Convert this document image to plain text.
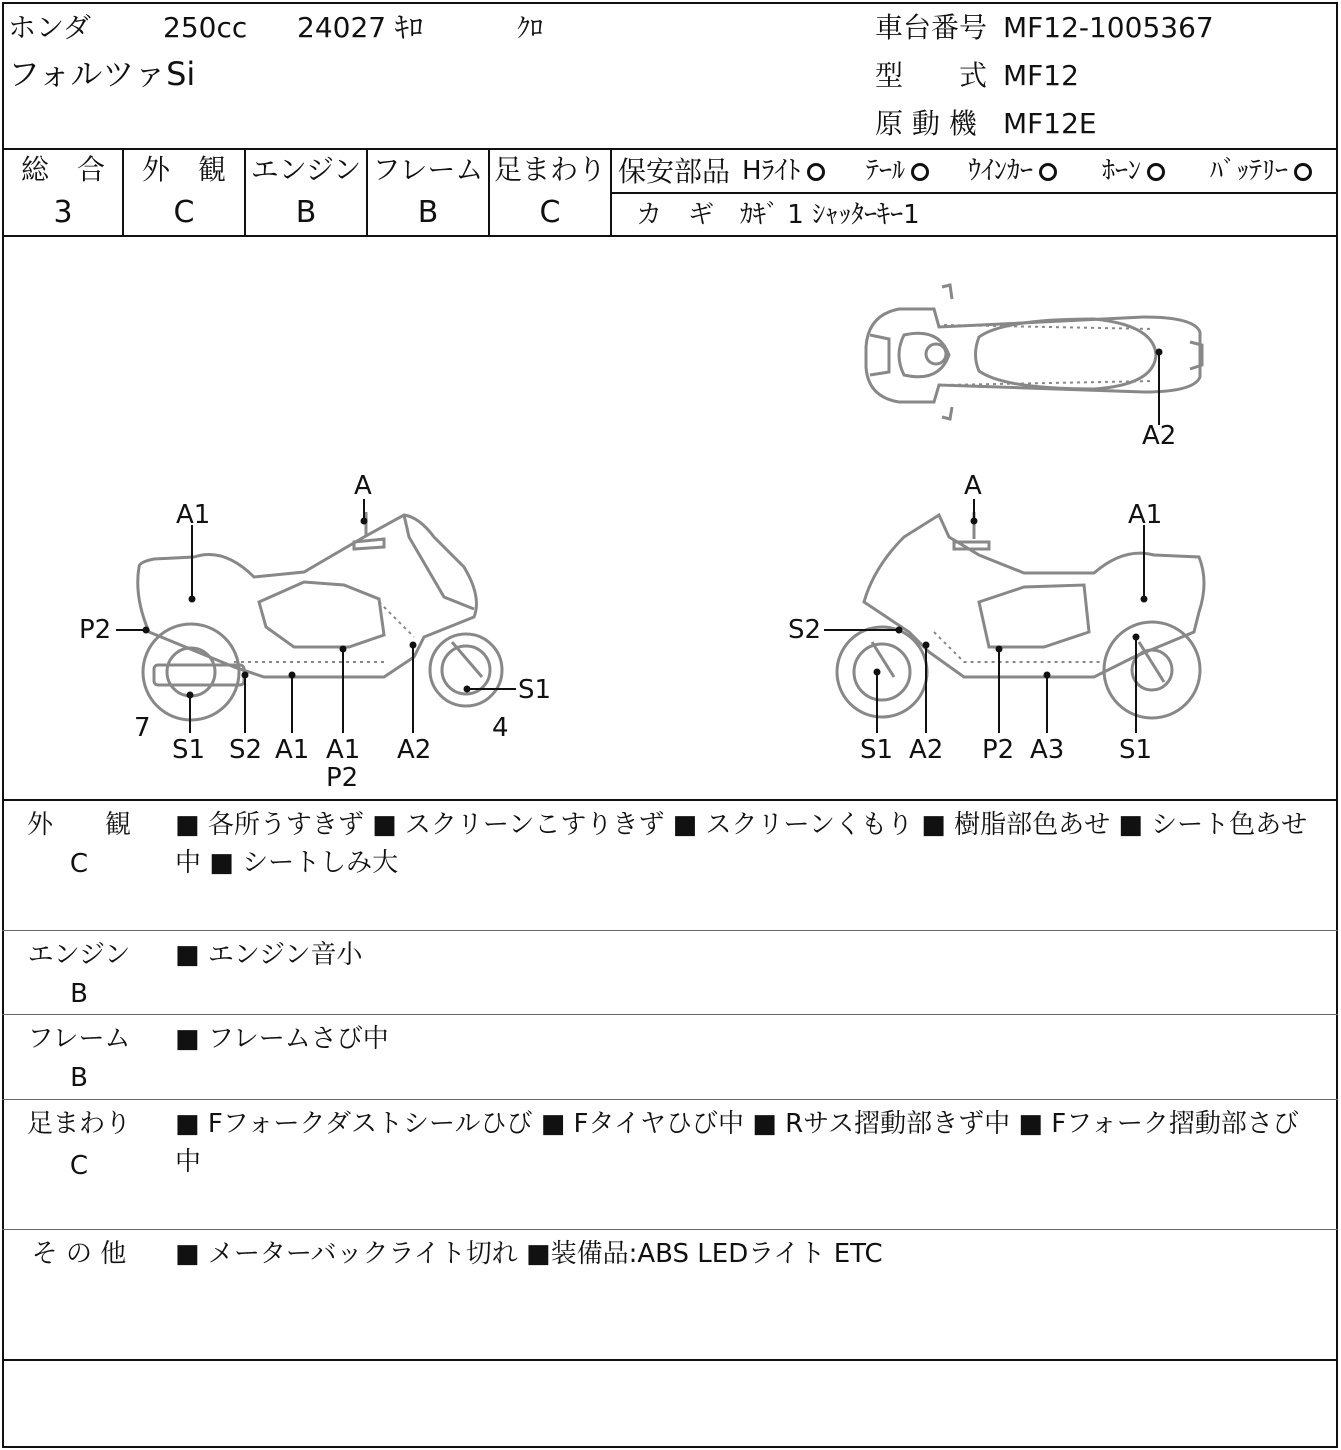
ホンダ	250cc 24027 ｷﾛ	ｸﾛ
フォルツァSi
車台番号 MF12-1005367
型　　式 MF12
原 動 機 MF12E
総　合
3
外　観
C
エンジン
B
フレーム
B
足まわり
C
保安部品 Hﾗｲﾄ	ﾃｰﾙ	ｳｲﾝｶｰ	ﾎｰﾝ	ﾊﾞｯﾃﾘｰ
カ　ギ ｶｷﾞ 1 ｼｬｯﾀｰｷｰ1
A2
A
A1
P2
S1
7
S1 S2 A1 A1
P2
A2
4
A
A1
S2
S1 A2 P2 A3 S1
外　　観
C
■ 各所うすきず ■ スクリーンこすりきず ■ スクリーンくもり ■ 樹脂部色あせ ■ シート色あせ中 ■ シートしみ大
エンジン
B
■ エンジン音小
フレーム
B
■ フレームさび中
足まわり
C
■ Fフォークダストシールひび ■ Fタイヤひび中 ■ Rサス摺動部きず中 ■ Fフォーク摺動部さび中
そ の 他	■ メーターバックライト切れ ■装備品:ABS LEDライト ETC
